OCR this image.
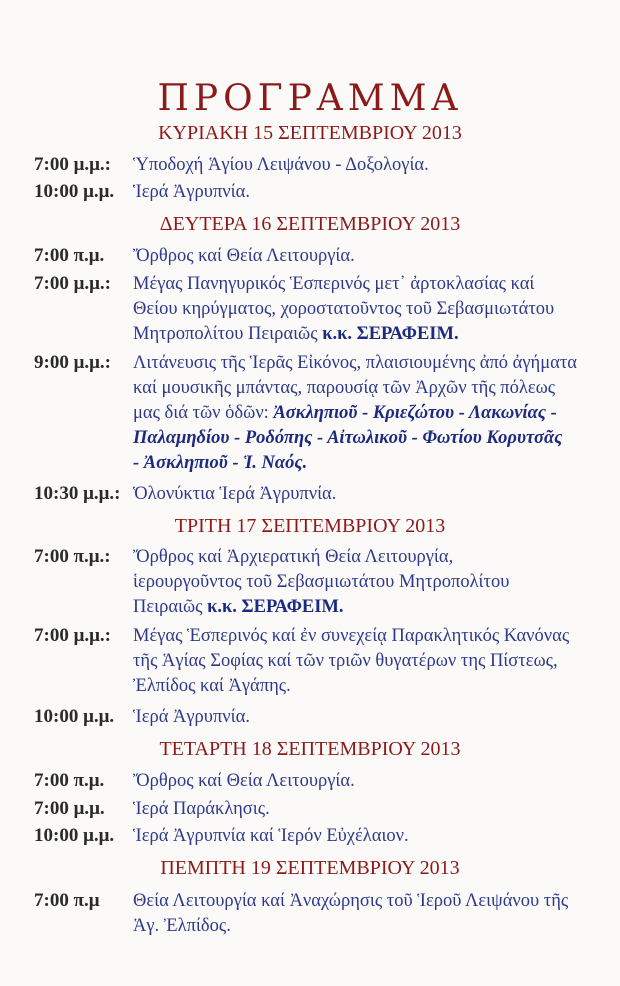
ΠΡΟΓΡΑΜΜΑ
ΚΥΡΙΑΚΗ 15 ΣΕΠΤΕΜΒΡΙΟΥ 2013
7:00 μ.μ.: Ὑποδοχή Ἁγίου Λειψάνου - Δοξολογία.
10:00 μ.μ. Ἱερά Ἀγρυπνία.
ΔΕΥΤΕΡΑ 16 ΣΕΠΤΕΜΒΡΙΟΥ 2013
7:00 π.μ. Ὄρθρος καί Θεία Λειτουργία.
7:00 μ.μ.: Μέγας Πανηγυρικός Ἑσπερινός μετ᾽ ἀρτοκλασίας καί
Θείου κηρύγματος, χοροστατοῦντος τοῦ Σεβασμιωτάτου
Μητροπολίτου Πειραιῶς κ.κ. ΣΕΡΑΦΕΙΜ.
9:00 μ.μ.: Λιτάνευσις τῆς Ἱερᾶς Εἰκόνος, πλαισιουμένης ἀπό ἀγήματα
καί μουσικῆς μπάντας, παρουσίᾳ τῶν Ἀρχῶν τῆς πόλεως
μας διά τῶν ὁδῶν: Ἀσκληπιοῦ - Κριεζώτου - Λακωνίας -
Παλαμηδίου - Ροδόπης - Αἰτωλικοῦ - Φωτίου Κορυτσᾶς
- Ἀσκληπιοῦ - Ἱ. Ναός.
10:30 μ.μ.: Ὁλονύκτια Ἱερά Ἀγρυπνία.
ΤΡΙΤΗ 17 ΣΕΠΤΕΜΒΡΙΟΥ 2013
7:00 π.μ.: Ὄρθρος καί Ἀρχιερατική Θεία Λειτουργία,
ἱερουργοῦντος τοῦ Σεβασμιωτάτου Μητροπολίτου
Πειραιῶς κ.κ. ΣΕΡΑΦΕΙΜ.
7:00 μ.μ.: Μέγας Ἑσπερινός καί ἐν συνεχείᾳ Παρακλητικός Κανόνας
τῆς Ἁγίας Σοφίας καί τῶν τριῶν θυγατέρων της Πίστεως,
Ἐλπίδος καί Ἀγάπης.
10:00 μ.μ. Ἱερά Ἀγρυπνία.
ΤΕΤΑΡΤΗ 18 ΣΕΠΤΕΜΒΡΙΟΥ 2013
7:00 π.μ. Ὄρθρος καί Θεία Λειτουργία.
7:00 μ.μ. Ἱερά Παράκλησις.
10:00 μ.μ. Ἱερά Ἀγρυπνία καί Ἱερόν Εὐχέλαιον.
ΠΕΜΠΤΗ 19 ΣΕΠΤΕΜΒΡΙΟΥ 2013
7:00 π.μ Θεία Λειτουργία καί Ἀναχώρησις τοῦ Ἱεροῦ Λειψάνου τῆς
Ἁγ. Ἐλπίδος.
